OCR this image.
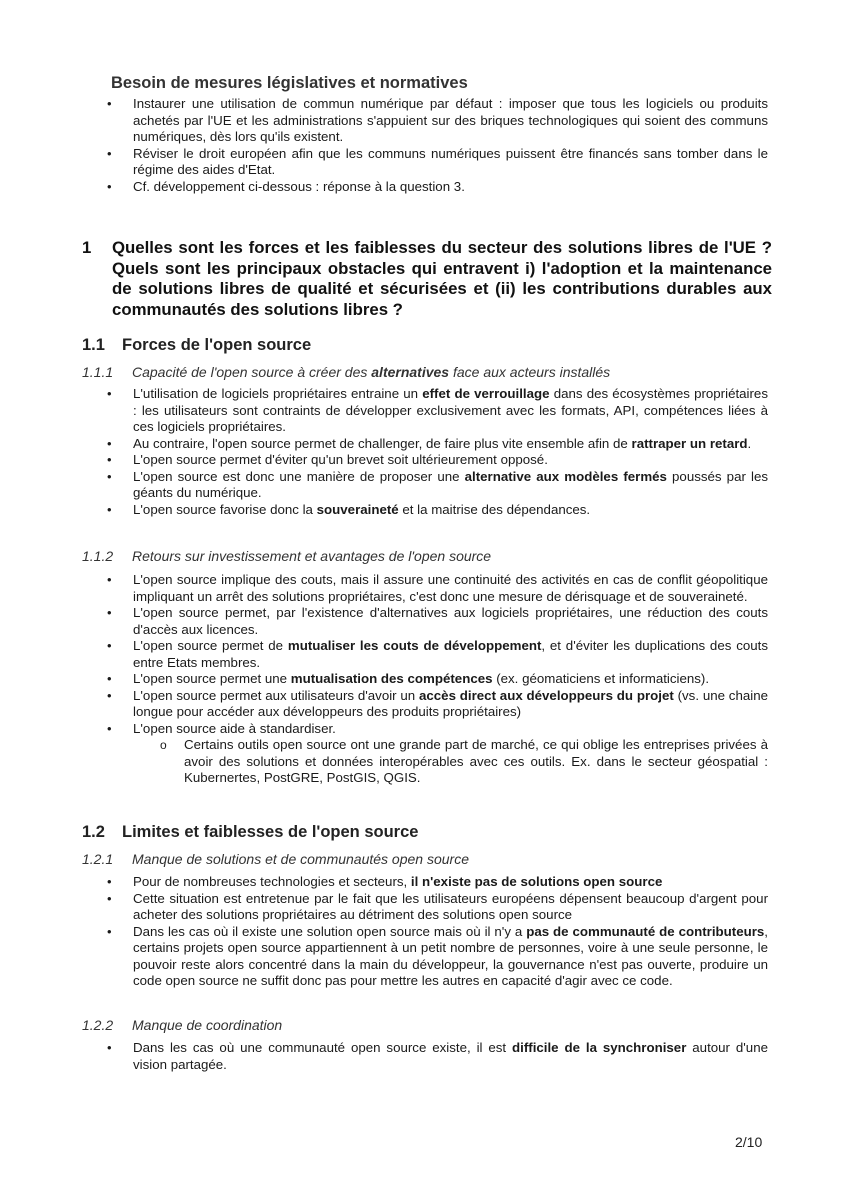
Besoin de mesures législatives et normatives

• Instaurer une utilisation de commun numérique par défaut : imposer que tous les logiciels ou produits achetés par l'UE et les administrations s'appuient sur des briques technologiques qui soient des communs numériques, dès lors qu'ils existent.
• Réviser le droit européen afin que les communs numériques puissent être financés sans tomber dans le régime des aides d'Etat.
• Cf. développement ci-dessous : réponse à la question 3.
1 Quelles sont les forces et les faiblesses du secteur des solutions libres de l'UE ? Quels sont les principaux obstacles qui entravent i) l'adoption et la maintenance de solutions libres de qualité et sécurisées et (ii) les contributions durables aux communautés des solutions libres ?
1.1 Forces de l'open source
1.1.1 Capacité de l'open source à créer des alternatives face aux acteurs installés
• L'utilisation de logiciels propriétaires entraine un effet de verrouillage dans des écosystèmes propriétaires : les utilisateurs sont contraints de développer exclusivement avec les formats, API, compétences liées à ces logiciels propriétaires.
• Au contraire, l'open source permet de challenger, de faire plus vite ensemble afin de rattraper un retard.
• L'open source permet d'éviter qu'un brevet soit ultérieurement opposé.
• L'open source est donc une manière de proposer une alternative aux modèles fermés poussés par les géants du numérique.
• L'open source favorise donc la souveraineté et la maitrise des dépendances.
1.1.2 Retours sur investissement et avantages de l'open source
• L'open source implique des couts, mais il assure une continuité des activités en cas de conflit géopolitique impliquant un arrêt des solutions propriétaires, c'est donc une mesure de dérisquage et de souveraineté.
• L'open source permet, par l'existence d'alternatives aux logiciels propriétaires, une réduction des couts d'accès aux licences.
• L'open source permet de mutualiser les couts de développement, et d'éviter les duplications des couts entre Etats membres.
• L'open source permet une mutualisation des compétences (ex. géomaticiens et informaticiens).
• L'open source permet aux utilisateurs d'avoir un accès direct aux développeurs du projet (vs. une chaine longue pour accéder aux développeurs des produits propriétaires)
• L'open source aide à standardiser.
o Certains outils open source ont une grande part de marché, ce qui oblige les entreprises privées à avoir des solutions et données interopérables avec ces outils. Ex. dans le secteur géospatial : Kubernertes, PostGRE, PostGIS, QGIS.
1.2 Limites et faiblesses de l'open source
1.2.1 Manque de solutions et de communautés open source
• Pour de nombreuses technologies et secteurs, il n'existe pas de solutions open source
• Cette situation est entretenue par le fait que les utilisateurs européens dépensent beaucoup d'argent pour acheter des solutions propriétaires au détriment des solutions open source
• Dans les cas où il existe une solution open source mais où il n'y a pas de communauté de contributeurs, certains projets open source appartiennent à un petit nombre de personnes, voire à une seule personne, le pouvoir reste alors concentré dans la main du développeur, la gouvernance n'est pas ouverte, produire un code open source ne suffit donc pas pour mettre les autres en capacité d'agir avec ce code.
1.2.2 Manque de coordination
• Dans les cas où une communauté open source existe, il est difficile de la synchroniser autour d'une vision partagée.
2/10
